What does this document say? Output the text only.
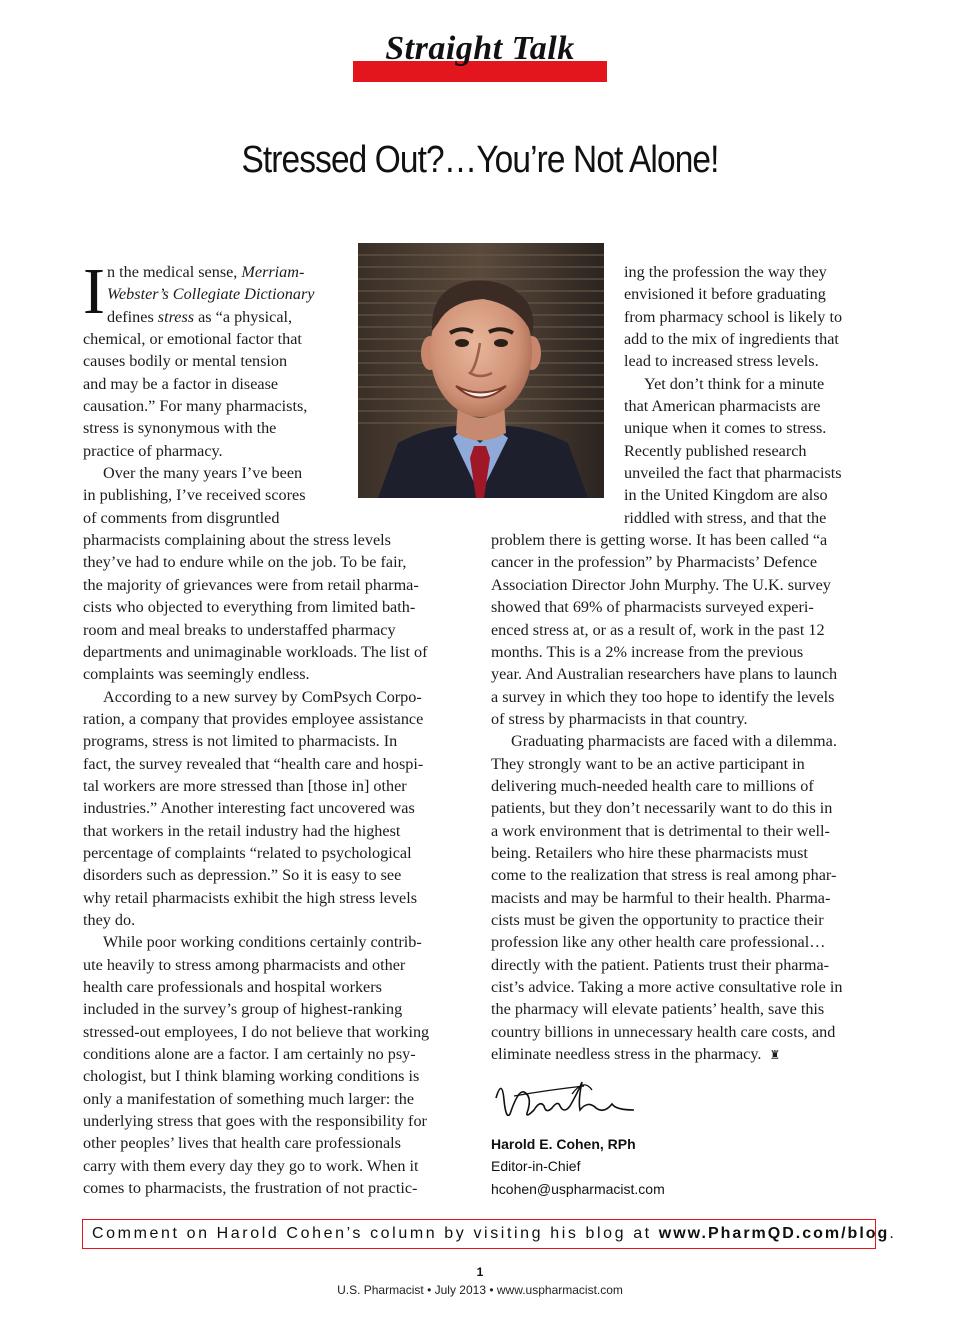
Straight Talk
Stressed Out?…You’re Not Alone!
I n the medical sense, Merriam-
Webster’s Collegiate Dictionary
defines stress as “a physical,
chemical, or emotional factor that
causes bodily or mental tension
and may be a factor in disease
causation.” For many pharmacists,
stress is synonymous with the
practice of pharmacy.
Over the many years I’ve been
in publishing, I’ve received scores
of comments from disgruntled
pharmacists complaining about the stress levels
they’ve had to endure while on the job. To be fair,
the majority of grievances were from retail pharma-
cists who objected to everything from limited bath-
room and meal breaks to understaffed pharmacy
departments and unimaginable workloads. The list of
complaints was seemingly endless.
According to a new survey by ComPsych Corpo-
ration, a company that provides employee assistance
programs, stress is not limited to pharmacists. In
fact, the survey revealed that “health care and hospi-
tal workers are more stressed than [those in] other
industries.” Another interesting fact uncovered was
that workers in the retail industry had the highest
percentage of complaints “related to psychological
disorders such as depression.” So it is easy to see
why retail pharmacists exhibit the high stress levels
they do.
While poor working conditions certainly contrib-
ute heavily to stress among pharmacists and other
health care professionals and hospital workers
included in the survey’s group of highest-ranking
stressed-out employees, I do not believe that working
conditions alone are a factor. I am certainly no psy-
chologist, but I think blaming working conditions is
only a manifestation of something much larger: the
underlying stress that goes with the responsibility for
other peoples’ lives that health care professionals
carry with them every day they go to work. When it
comes to pharmacists, the frustration of not practic-
ing the profession the way they
envisioned it before graduating
from pharmacy school is likely to
add to the mix of ingredients that
lead to increased stress levels.
Yet don’t think for a minute
that American pharmacists are
unique when it comes to stress.
Recently published research
unveiled the fact that pharmacists
in the United Kingdom are also
riddled with stress, and that the
problem there is getting worse. It has been called “a
cancer in the profession” by Pharmacists’ Defence
Association Director John Murphy. The U.K. survey
showed that 69% of pharmacists surveyed experi-
enced stress at, or as a result of, work in the past 12
months. This is a 2% increase from the previous
year. And Australian researchers have plans to launch
a survey in which they too hope to identify the levels
of stress by pharmacists in that country.
Graduating pharmacists are faced with a dilemma.
They strongly want to be an active participant in
delivering much-needed health care to millions of
patients, but they don’t necessarily want to do this in
a work environment that is detrimental to their well-
being. Retailers who hire these pharmacists must
come to the realization that stress is real among phar-
macists and may be harmful to their health. Pharma-
cists must be given the opportunity to practice their
profession like any other health care professional…
directly with the patient. Patients trust their pharma-
cist’s advice. Taking a more active consultative role in
the pharmacy will elevate patients’ health, save this
country billions in unnecessary health care costs, and
eliminate needless stress in the pharmacy. ♜
Harold E. Cohen, RPh
Editor-in-Chief
hcohen@uspharmacist.com
Comment on Harold Cohen’s column by visiting his blog at www.PharmQD.com/blog.
1
U.S. Pharmacist • July 2013 • www.uspharmacist.com
